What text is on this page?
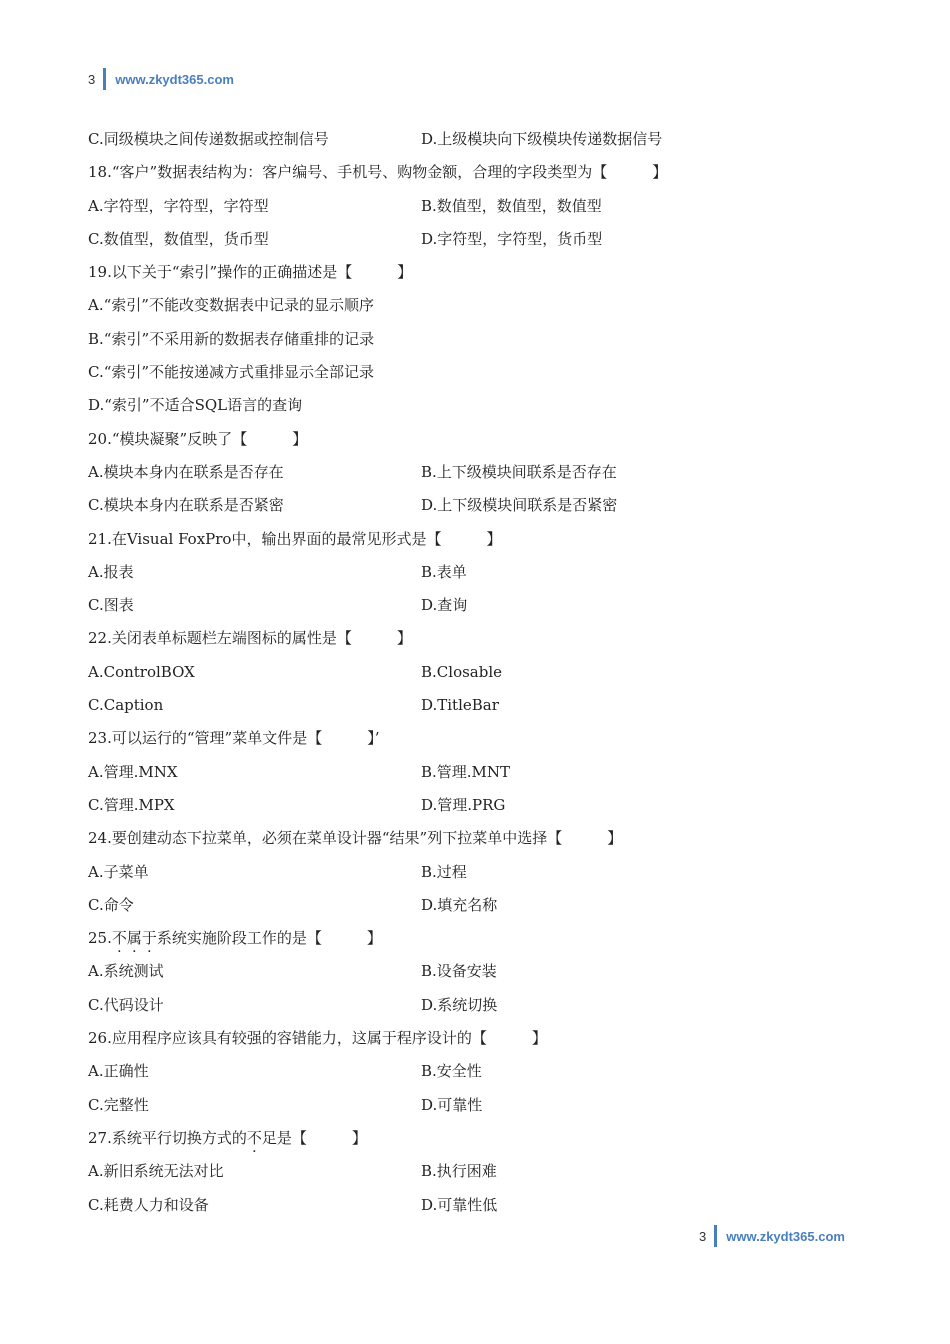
3 www.zkydt365.com
C.同级模块之间传递数据或控制信号	D.上级模块向下级模块传递数据信号
18.“客户”数据表结构为：客户编号、手机号、购物金额，合理的字段类型为【　　　】
A.字符型，字符型，字符型	B.数值型，数值型，数值型
C.数值型，数值型，货币型	D.字符型，字符型，货币型
19.以下关于“索引”操作的正确描述是【　　　】
A.“索引”不能改变数据表中记录的显示顺序
B.“索引”不采用新的数据表存储重排的记录
C.“索引”不能按递减方式重排显示全部记录
D.“索引”不适合SQL语言的查询
20.“模块凝聚”反映了【　　　】
A.模块本身内在联系是否存在	B.上下级模块间联系是否存在
C.模块本身内在联系是否紧密	D.上下级模块间联系是否紧密
21.在Visual FoxPro中，输出界面的最常见形式是【　　　】
A.报表	B.表单
C.图表	D.查询
22.关闭表单标题栏左端图标的属性是【　　　】
A.ControlBOX	B.Closable
C.Caption	D.TitleBar
23.可以运行的“管理”菜单文件是【　　　】’
A.管理.MNX	B.管理.MNT
C.管理.MPX	D.管理.PRG
24.要创建动态下拉菜单，必须在菜单设计器“结果”列下拉菜单中选择【　　　】
A.子菜单	B.过程
C.命令	D.填充名称
25.不属于系统实施阶段工作的是【　　　】
A.系统测试	B.设备安装
C.代码设计	D.系统切换
26.应用程序应该具有较强的容错能力，这属于程序设计的【　　　】
A.正确性	B.安全性
C.完整性	D.可靠性
27.系统平行切换方式的不足是【　　　】
A.新旧系统无法对比	B.执行困难
C.耗费人力和设备	D.可靠性低
3 www.zkydt365.com
